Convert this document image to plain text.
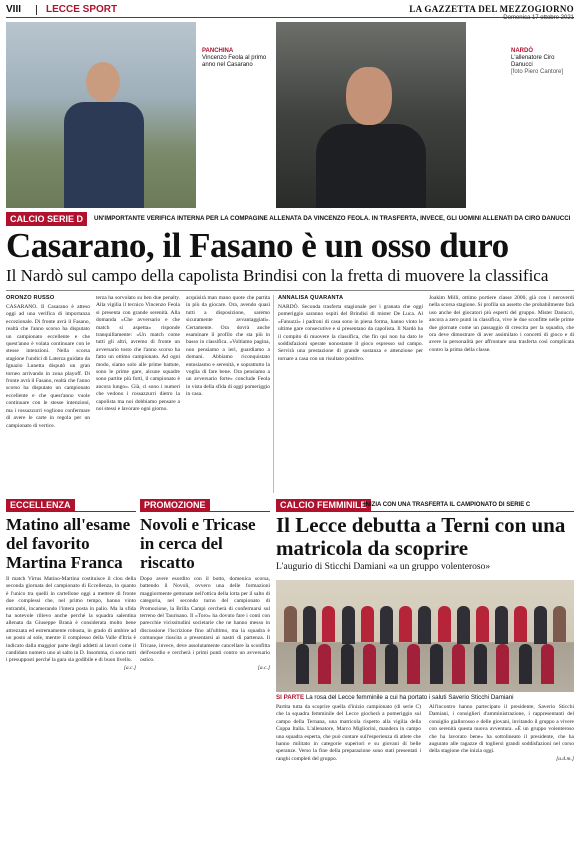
VIII LECCE SPORT	LA GAZZETTA DEL MEZZOGIORNO
Domenica 17 ottobre 2021
PANCHINA
Vincenzo Feola al primo anno nel Casarano
NARDÒ
L'allenatore Ciro Danucci
[foto Piero Cantore]
CALCIO SERIE D	UN'IMPORTANTE VERIFICA INTERNA PER LA COMPAGINE ALLENATA DA VINCENZO FEOLA. IN TRASFERTA, INVECE, GLI UOMINI ALLENATI DA CIRO DANUCCI
Casarano, il Fasano è un osso duro
Il Nardò sul campo della capolista Brindisi con la fretta di muovere la classifica
ORONZO RUSSO
CASARANO. Il Casarano è atteso oggi ad una verifica di importanza eccezionale. Di fronte avrà il Fasano, realtà che l'anno scorso ha disputato un campionato eccellente e che quest'anno è volata continuare con le stesse intenzioni. Nella scorsa stagione l'undici di Laterza guidato da Ignazio Lunetta disputò un gran torneo arrivando in zona playoff. Di fronte avrà il Fasano, realtà che l'anno scorso ha disputato un campionato eccellente e che quest'anno vuole continuare con le stesse intenzioni, ma i rossazzurri vogliono confermare di avere le carte in regola per un campionato di vertice.
terza ha sorvolato su ben due penalty. Alla vigilia il tecnico Vincenzo Feola si presenta con grande serenità. Alla domanda «Che avversario e che match si aspetta» risponde tranquillamente: «Un match come tutti gli altri, avremo di fronte un avversario tosto che l'anno scorso ha fatto un ottimo campionato. Ad ogni modo, siamo solo alle prime battute, sono le prime gare, alcune squadre sono partite più forti, il campionato è ancora lungo». Già, ci sono i numeri che vedono i rossazzurri dietro la capolista ma noi dobbiamo pensare a noi stessi e lavorare ogni giorno.
acquisirà man mano quote che partita in più da giocare. Ora, avendo quasi tutti a disposizione, saremo sicuramente avvantaggiati». Certamente. Ora dovrà anche esaminare il profilo che sta più in basso in classifica. «Voltiamo pagina, non pensiamo a ieri, guardiamo a domani. Abbiamo riconquistato entusiasmo e serenità, e soprattutto la voglia di fare bene. Ora pensiamo a un avversario forte» conclude Feola in vista della sfida di oggi pomeriggio in casa.
ANNALISA QUARANTA
NARDÒ. Seconda trasferta stagionale per i granata che oggi pomeriggio saranno ospiti del Brindisi di mister De Luca. Al «Fanuzzi» i padroni di casa sono in piena forma, hanno vinto le ultime gare consecutive e si presentano da capolista. Il Nardò ha il compito di muovere la classifica, che fin qui non ha dato le soddisfazioni sperate nonostante il gioco espresso sul campo. Servirà una prestazione di grande sostanza e attenzione per tornare a casa con un risultato positivo.
Joakim Milli, ottimo portiere classe 2000, già con i neroverdi nella scorsa stagione. Si profila un assetto che probabilmente farà uso anche dei giocatori più esperti del gruppo. Mister Danucci, ancora a zero punti in classifica, vive le due sconfitte nelle prime due giornate come un passaggio di crescita per la squadra, che ora deve dimostrare di aver assimilato i concetti di gioco e di avere la personalità per affrontare una trasferta così complicata contro la prima della classe.
ECCELLENZA
Matino all'esame del favorito Martina Franca
Il match Virtus Matino-Martina costituisce il clou della seconda giornata del campionato di Eccellenza, in quanto è l'unico tra quelli in cartellone oggi a mettere di fronte due complessi che, nel primo tempo, hanno vinto entrambi, incamerando l'intera posta in palio. Ma la sfida ha notevole rilievo anche perché la squadra salentina allenata da Giuseppe Branà è considerata molto bene attrezzata ed estremamente robusta, in grado di ambire ad un posto al sole, mentre il complesso della Valle d'Itria è indicato dalla maggior parte degli addetti ai lavori come il candidato numero uno al salto in D. Insomma, ci sono tutti i presupposti perché la gara sia godibile e di buon livello.
[a.c.]
PROMOZIONE
Novoli e Tricase in cerca del riscatto
Dopo avere esordito con il botto, domenica scorsa, battendo il Novoli, ovvero una delle formazioni maggiormente gettonate nell'ottica della lotta per il salto di categoria, nel secondo turno del campionato di Promozione, la Brilla Campi cercherà di confermarsi sul terreno del Taurisano. Il «Toro» ha dovuto fare i conti con parecchie vicissitudini societarie che ne hanno messo in discussione l'iscrizione fino all'ultimo, ma la squadra è comunque riuscita a presentarsi ai nastri di partenza. Il Tricase, invece, deve assolutamente cancellare la sconfitta dell'esordio e cercherà i primi punti contro un avversario ostico.
[a.c.]
CALCIO FEMMINILE
INIZIA CON UNA TRASFERTA IL CAMPIONATO DI SERIE C
Il Lecce debutta a Terni con una matricola da scoprire
L'augurio di Sticchi Damiani «a un gruppo volenteroso»
SI PARTE La rosa del Lecce femminile a cui ha portato i saluti Saverio Sticchi Damiani
Partita tutta da scoprire quella d'inizio campionato (di serie C) che la squadra femminile del Lecce giocherà a pomeriggio sul campo della Ternana, una matricola rispetto alla vigilia della Coppa Italia. L'allenatore, Marco Migliorini, mandera in campo una squadra esperta, che può contare sull'esperienza di atlete che hanno militato in categorie superiori e su giovani di belle speranze. Verso la fine della preparazione sono stati presentati i ranghi completi del gruppo.
All'incontro hanno partecipato il presidente, Saverio Sticchi Damiani, i consiglieri d'amministrazione, i rappresentanti del consiglio giallorosso e delle giovani, invitando il gruppo a vivere con serenità questa nuova avventura. «È un gruppo volenteroso che ha lavorato bene» ha sottolineato il presidente, che ha augurato alle ragazze di togliersi grandi soddisfazioni nel corso della stagione che inizia oggi.
[a.d.m.]
